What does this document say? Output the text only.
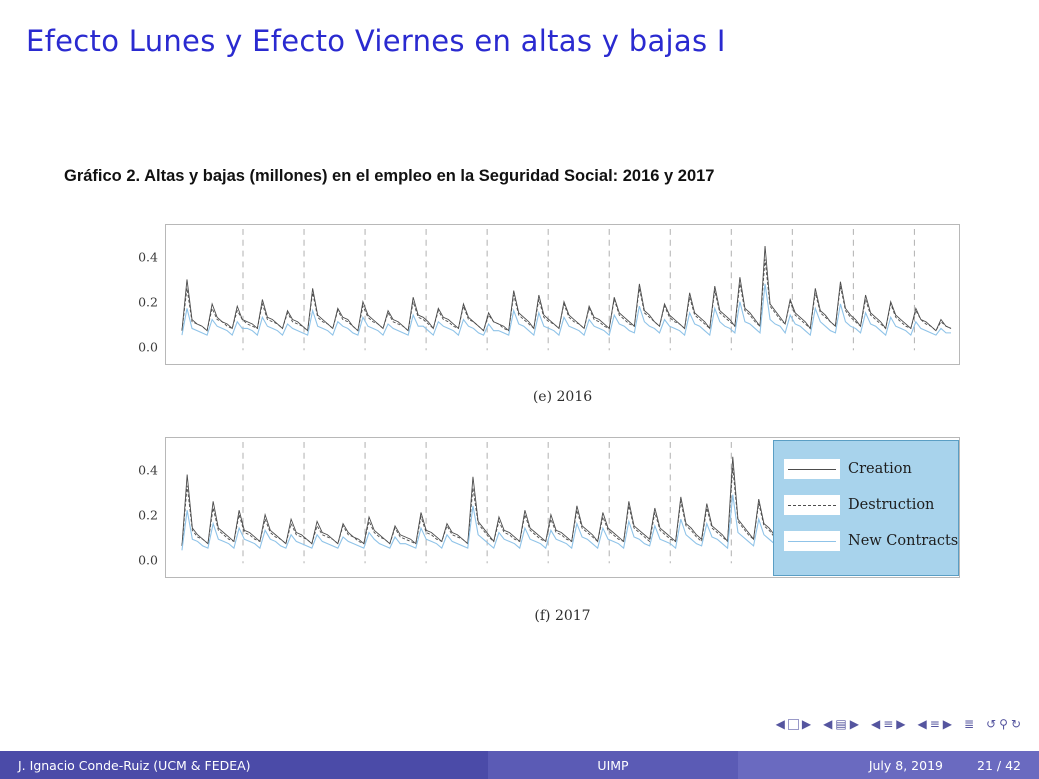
Efecto Lunes y Efecto Viernes en altas y bajas I
Gráfico 2. Altas y bajas (millones) en el empleo en la Seguridad Social: 2016 y 2017
0.0
0.2
0.4
(e) 2016
0.0
0.2
0.4
(f) 2017
Creation
Destruction
New Contracts
◀ ▶ ◀ ▤ ▶ ◀ ≡ ▶ ◀ ≡ ▶ ≣ ↺ ⚲ ↻
J. Ignacio Conde-Ruiz (UCM & FEDEA)	UIMP	July 8, 2019	21 / 42
